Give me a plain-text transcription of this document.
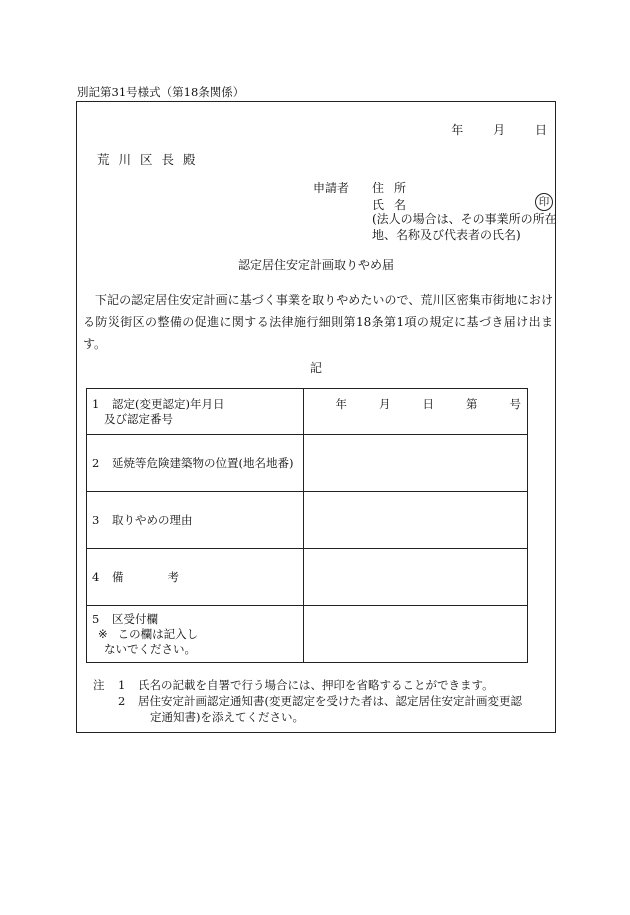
別記第31号様式（第18条関係）
年 月 日
荒川区長殿
申請者 住所
氏名	印
(法人の場合は、その事業所の所在
地、名称及び代表者の氏名)
認定居住安定計画取りやめ届
下記の認定居住安定計画に基づく事業を取りやめたいので、荒川区密集市街地における防災街区の整備の促進に関する法律施行細則第18条第1項の規定に基づき届け出ます。
記
1 認定(変更認定)年月日
及び認定番号	年 月 日 第 号

2 延焼等危険建築物の位置(地名地番)	
3 取りやめの理由	
4 備 考	
5 区受付欄
※ この欄は記入し
ないでください。	
注 1 氏名の記載を自署で行う場合には、押印を省略することができます。
2 居住安定計画認定通知書(変更認定を受けた者は、認定居住安定計画変更認
定通知書)を添えてください。
